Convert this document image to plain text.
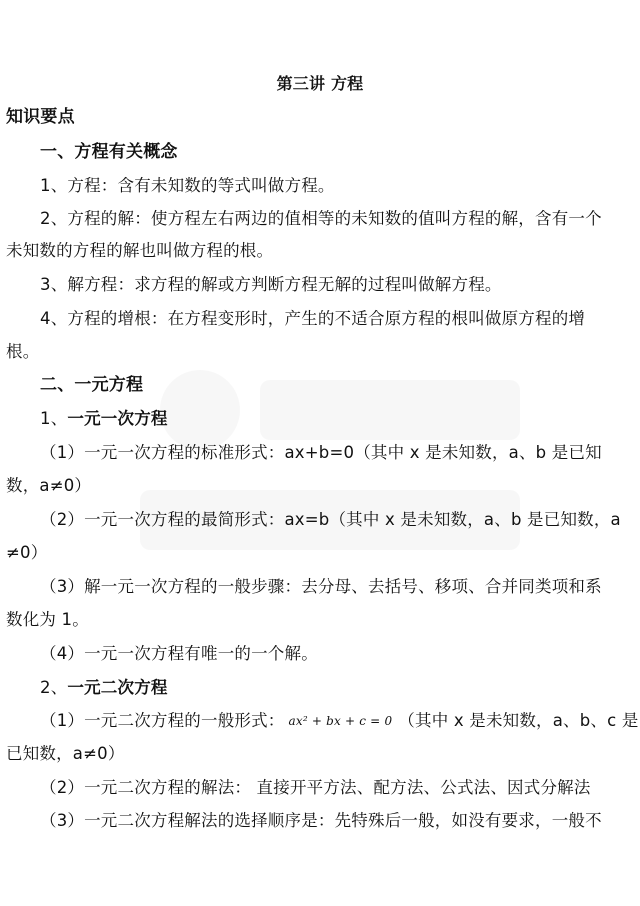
第三讲 方程
知识要点
一、方程有关概念
1、方程：含有未知数的等式叫做方程。
2、方程的解：使方程左右两边的值相等的未知数的值叫方程的解，含有一个
未知数的方程的解也叫做方程的根。
3、解方程：求方程的解或方判断方程无解的过程叫做解方程。
4、方程的增根：在方程变形时，产生的不适合原方程的根叫做原方程的增
根。
二、一元方程
1、一元一次方程
（1）一元一次方程的标准形式：ax+b=0（其中 x 是未知数，a、b 是已知
数，a≠0）
（2）一元一次方程的最简形式：ax=b（其中 x 是未知数，a、b 是已知数，a
≠0）
（3）解一元一次方程的一般步骤：去分母、去括号、移项、合并同类项和系
数化为 1。
（4）一元一次方程有唯一的一个解。
2、一元二次方程
（1）一元二次方程的一般形式： ax² + bx + c = 0 （其中 x 是未知数，a、b、c 是
已知数，a≠0）
（2）一元二次方程的解法： 直接开平方法、配方法、公式法、因式分解法
（3）一元二次方程解法的选择顺序是：先特殊后一般，如没有要求，一般不
